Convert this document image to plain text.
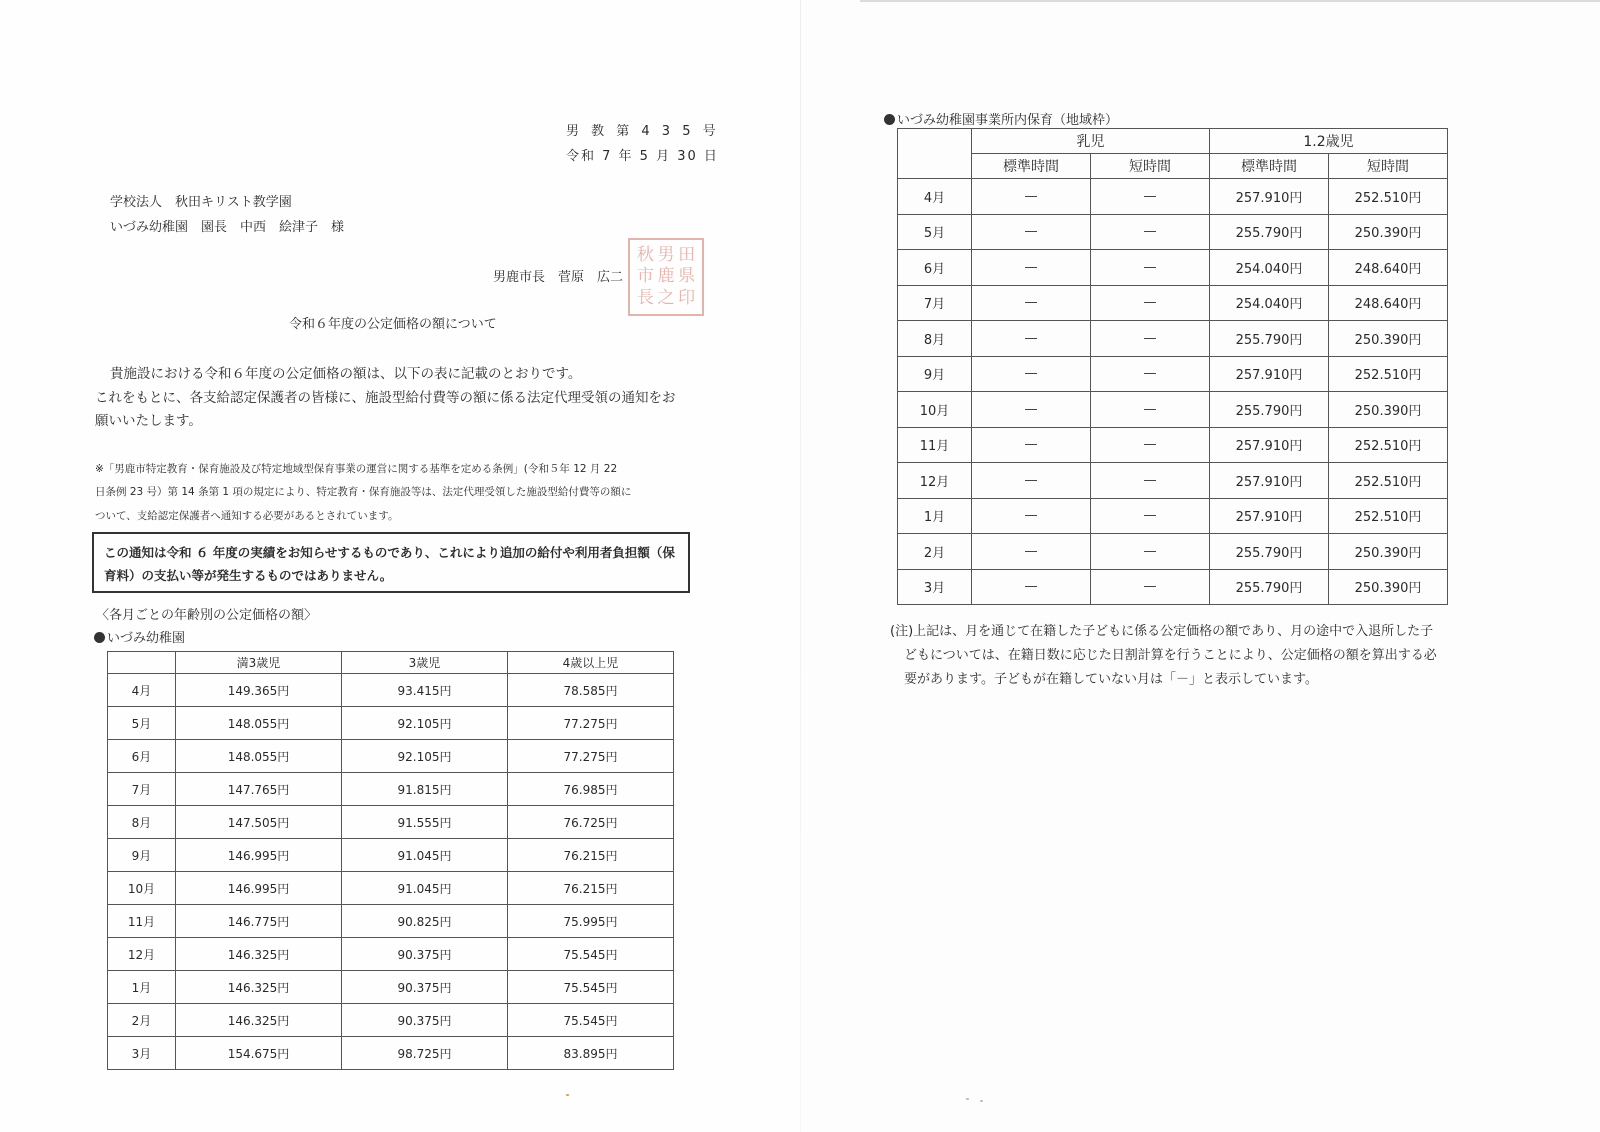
男 教 第 4 3 5 号
令和 7 年 5 月 30 日
学校法人　秋田キリスト教学園
いづみ幼稚園　園長　中西　絵津子　様
男鹿市長　菅原　広二
秋 男 田
市 鹿 県
長 之 印
令和６年度の公定価格の額について
貴施設における令和６年度の公定価格の額は、以下の表に記載のとおりです。
これをもとに、各支給認定保護者の皆様に、施設型給付費等の額に係る法定代理受領の通知をお
願いいたします。
※「男鹿市特定教育・保育施設及び特定地域型保育事業の運営に関する基準を定める条例」(令和５年 12 月 22
日条例 23 号）第 14 条第 1 項の規定により、特定教育・保育施設等は、法定代理受領した施設型給付費等の額に
ついて、支給認定保護者へ通知する必要があるとされています。
この通知は令和 ６ 年度の実績をお知らせするものであり、これにより追加の給付や利用者負担額（保育料）の支払い等が発生するものではありません。
〈各月ごとの年齢別の公定価格の額〉
いづみ幼稚園
	満3歳児	3歳児	4歳以上児
4月	149.365円	93.415円	78.585円
5月	148.055円	92.105円	77.275円
6月	148.055円	92.105円	77.275円
7月	147.765円	91.815円	76.985円
8月	147.505円	91.555円	76.725円
9月	146.995円	91.045円	76.215円
10月	146.995円	91.045円	76.215円
11月	146.775円	90.825円	75.995円
12月	146.325円	90.375円	75.545円
1月	146.325円	90.375円	75.545円
2月	146.325円	90.375円	75.545円
3月	154.675円	98.725円	83.895円
いづみ幼稚園事業所内保育（地域枠）
	乳児		1.2歳児	
	標準時間	短時間	標準時間	短時間
4月			257.910円	252.510円
5月			255.790円	250.390円
6月			254.040円	248.640円
7月			254.040円	248.640円
8月			255.790円	250.390円
9月			257.910円	252.510円
10月			255.790円	250.390円
11月			257.910円	252.510円
12月			257.910円	252.510円
1月			257.910円	252.510円
2月			255.790円	250.390円
3月			255.790円	250.390円
(注)上記は、月を通じて在籍した子どもに係る公定価格の額であり、月の途中で入退所した子
どもについては、在籍日数に応じた日割計算を行うことにより、公定価格の額を算出する必
要があります。子どもが在籍していない月は「－」と表示しています。
